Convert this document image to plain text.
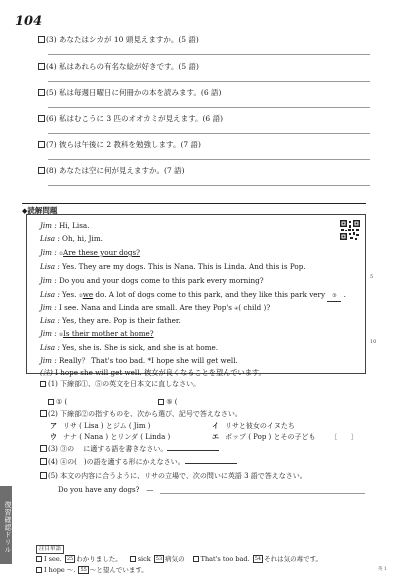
104
(3) あなたはシカが 10 頭見えますか。(5 語)
(4) 私はあれらの有名な絵が好きです。(5 語)
(5) 私は毎週日曜日に何冊かの本を読みます。(6 語)
(6) 私はむこうに 3 匹のオオカミが見えます。(6 語)
(7) 彼らは午後に 2 教科を勉強します。(7 語)
(8) あなたは空に何が見えますか。(7 語)
◆読解問題
Jim : Hi, Lisa.
Lisa : Oh, hi, Jim.
Jim : ①Are these your dogs?
Lisa : Yes. They are my dogs. This is Nana. This is Linda. And this is Pop.
Jim : Do you and your dogs come to this park every morning?
Lisa : Yes. ②we do. A lot of dogs come to this park, and they like this park very ③ .
Jim : I see. Nana and Linda are small. Are they Pop's ④( child )?
Lisa : Yes, they are. Pop is their father.
Jim : ⑤Is their mother at home?
Lisa : Yes, she is. She is sick, and she is at home.
Jim : Really？ That's too bad. *I hope she will get well.
(注) I hope she will get well. 彼女が良くなることを望んでいます。
5
10
(1) 下線部①、⑤の英文を日本文に直しなさい。
① (	⑤ (
(2) 下線部②の指すものを、次から選び、記号で答えなさい。
ア リサ ( Lisa ) とジム ( Jim )	イ リサと彼女のイヌたち
ウ ナナ ( Nana ) とリンダ ( Linda )	エ ポップ ( Pop ) とその子ども 〔　　〕
(3) ③の　 に適する語を書きなさい。
(4) ④の(　)の語を適する形にかえなさい。
(5) 本文の内容に合うように、リサの立場で、次の問いに英語 3 語で答えなさい。
Do you have any dogs?　—
復習確認ドリル	注目単語
I see. 25 わかりました。 sick 53 病気の That's too bad. 54 それは気の毒です。
I hope ～. 55 ～と望んでいます。	英 1
